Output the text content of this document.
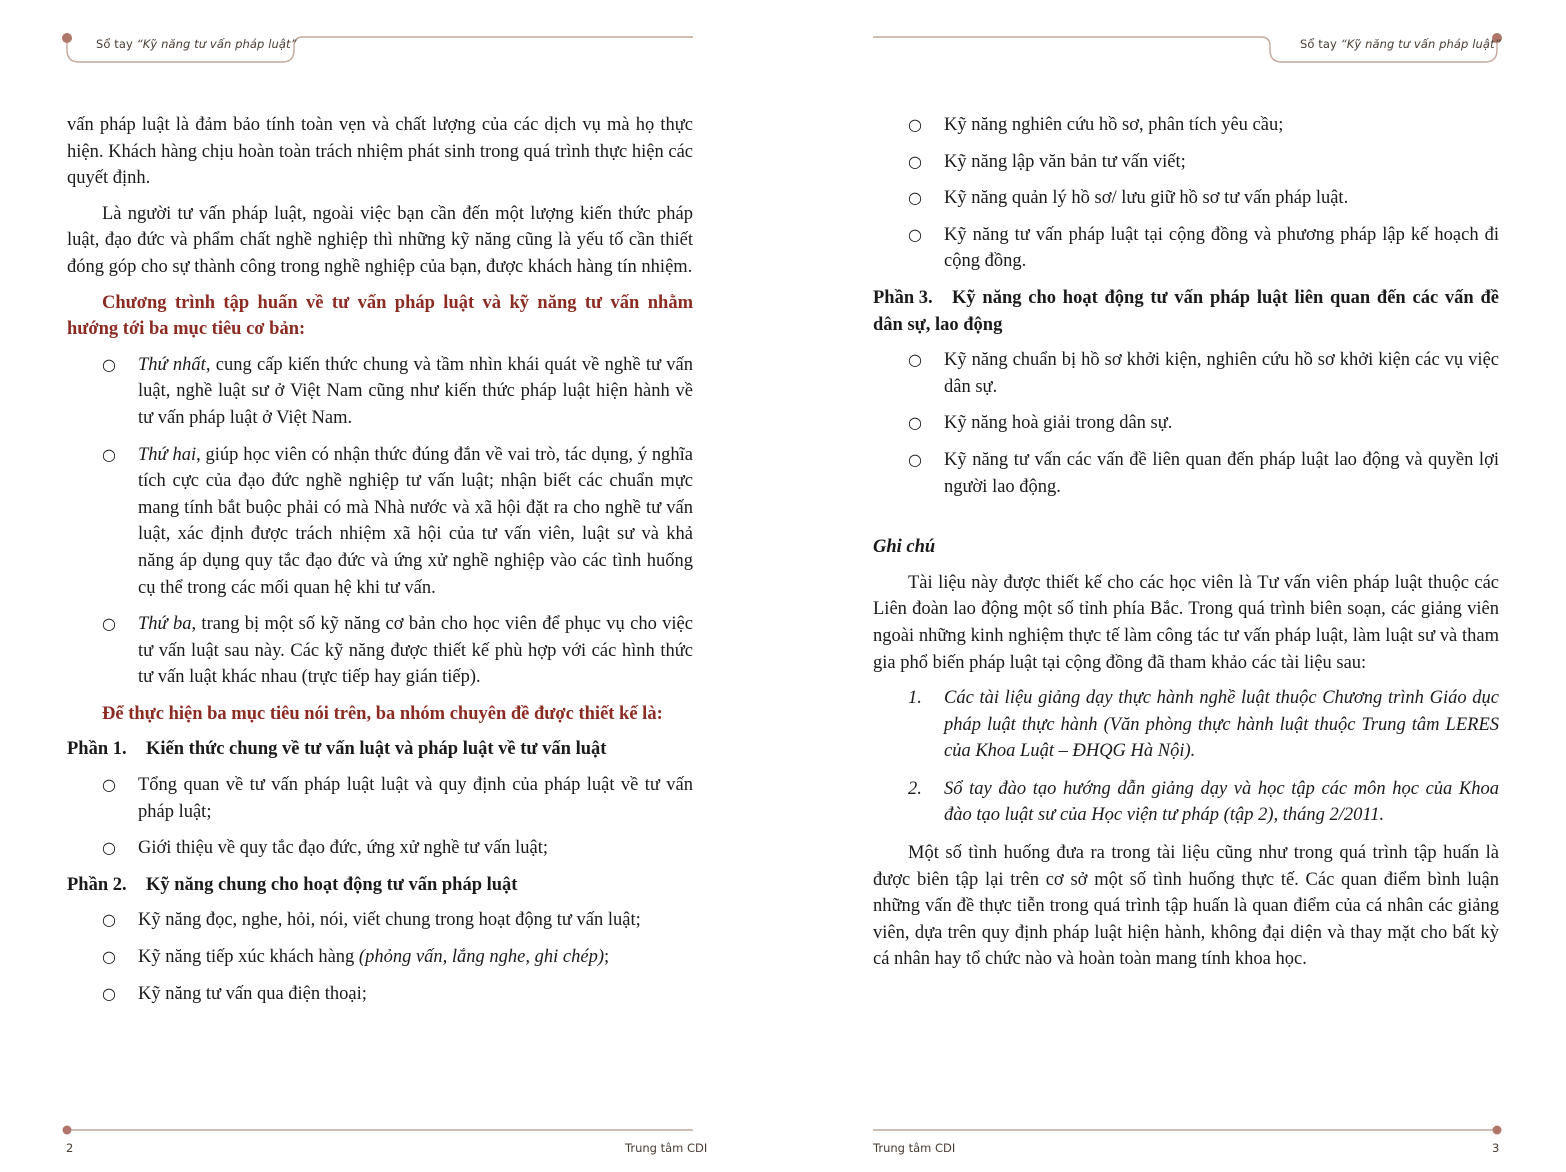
Sổ tay “Kỹ năng tư vấn pháp luật”

vấn pháp luật là đảm bảo tính toàn vẹn và chất lượng của các dịch vụ mà họ thực hiện. Khách hàng chịu hoàn toàn trách nhiệm phát sinh trong quá trình thực hiện các quyết định.

Là người tư vấn pháp luật, ngoài việc bạn cần đến một lượng kiến thức pháp luật, đạo đức và phẩm chất nghề nghiệp thì những kỹ năng cũng là yếu tố cần thiết đóng góp cho sự thành công trong nghề nghiệp của bạn, được khách hàng tín nhiệm.

Chương trình tập huấn về tư vấn pháp luật và kỹ năng tư vấn nhằm hướng tới ba mục tiêu cơ bản:

○	Thứ nhất, cung cấp kiến thức chung và tầm nhìn khái quát về nghề tư vấn luật, nghề luật sư ở Việt Nam cũng như kiến thức pháp luật hiện hành về tư vấn pháp luật ở Việt Nam.
○	Thứ hai, giúp học viên có nhận thức đúng đắn về vai trò, tác dụng, ý nghĩa tích cực của đạo đức nghề nghiệp tư vấn luật; nhận biết các chuẩn mực mang tính bắt buộc phải có mà Nhà nước và xã hội đặt ra cho nghề tư vấn luật, xác định được trách nhiệm xã hội của tư vấn viên, luật sư và khả năng áp dụng quy tắc đạo đức và ứng xử nghề nghiệp vào các tình huống cụ thể trong các mối quan hệ khi tư vấn.
○	Thứ ba, trang bị một số kỹ năng cơ bản cho học viên để phục vụ cho việc tư vấn luật sau này. Các kỹ năng được thiết kế phù hợp với các hình thức tư vấn luật khác nhau (trực tiếp hay gián tiếp).

Để thực hiện ba mục tiêu nói trên, ba nhóm chuyên đề được thiết kế là:

Phần 1. Kiến thức chung về tư vấn luật và pháp luật về tư vấn luật
○	Tổng quan về tư vấn pháp luật luật và quy định của pháp luật về tư vấn pháp luật;
○	Giới thiệu về quy tắc đạo đức, ứng xử nghề tư vấn luật;
Phần 2. Kỹ năng chung cho hoạt động tư vấn pháp luật
○	Kỹ năng đọc, nghe, hỏi, nói, viết chung trong hoạt động tư vấn luật;
○	Kỹ năng tiếp xúc khách hàng (phỏng vấn, lắng nghe, ghi chép);
○	Kỹ năng tư vấn qua điện thoại;
2	Trung tâm CDI
Sổ tay “Kỹ năng tư vấn pháp luật”
○	Kỹ năng nghiên cứu hồ sơ, phân tích yêu cầu;
○	Kỹ năng lập văn bản tư vấn viết;
○	Kỹ năng quản lý hồ sơ/ lưu giữ hồ sơ tư vấn pháp luật.
○	Kỹ năng tư vấn pháp luật tại cộng đồng và phương pháp lập kế hoạch đi cộng đồng.
Phần 3. Kỹ năng cho hoạt động tư vấn pháp luật liên quan đến các vấn đề dân sự, lao động
○	Kỹ năng chuẩn bị hồ sơ khởi kiện, nghiên cứu hồ sơ khởi kiện các vụ việc dân sự.
○	Kỹ năng hoà giải trong dân sự.
○	Kỹ năng tư vấn các vấn đề liên quan đến pháp luật lao động và quyền lợi người lao động.

Ghi chú

Tài liệu này được thiết kế cho các học viên là Tư vấn viên pháp luật thuộc các Liên đoàn lao động một số tỉnh phía Bắc. Trong quá trình biên soạn, các giảng viên ngoài những kinh nghiệm thực tế làm công tác tư vấn pháp luật, làm luật sư và tham gia phổ biến pháp luật tại cộng đồng đã tham khảo các tài liệu sau:

1. Các tài liệu giảng dạy thực hành nghề luật thuộc Chương trình Giáo dục pháp luật thực hành (Văn phòng thực hành luật thuộc Trung tâm LERES của Khoa Luật – ĐHQG Hà Nội).
2. Sổ tay đào tạo hướng dẫn giảng dạy và học tập các môn học của Khoa đào tạo luật sư của Học viện tư pháp (tập 2), tháng 2/2011.

Một số tình huống đưa ra trong tài liệu cũng như trong quá trình tập huấn là được biên tập lại trên cơ sở một số tình huống thực tế. Các quan điểm bình luận những vấn đề thực tiễn trong quá trình tập huấn là quan điểm của cá nhân các giảng viên, dựa trên quy định pháp luật hiện hành, không đại diện và thay mặt cho bất kỳ cá nhân hay tổ chức nào và hoàn toàn mang tính khoa học.

Trung tâm CDI	3
